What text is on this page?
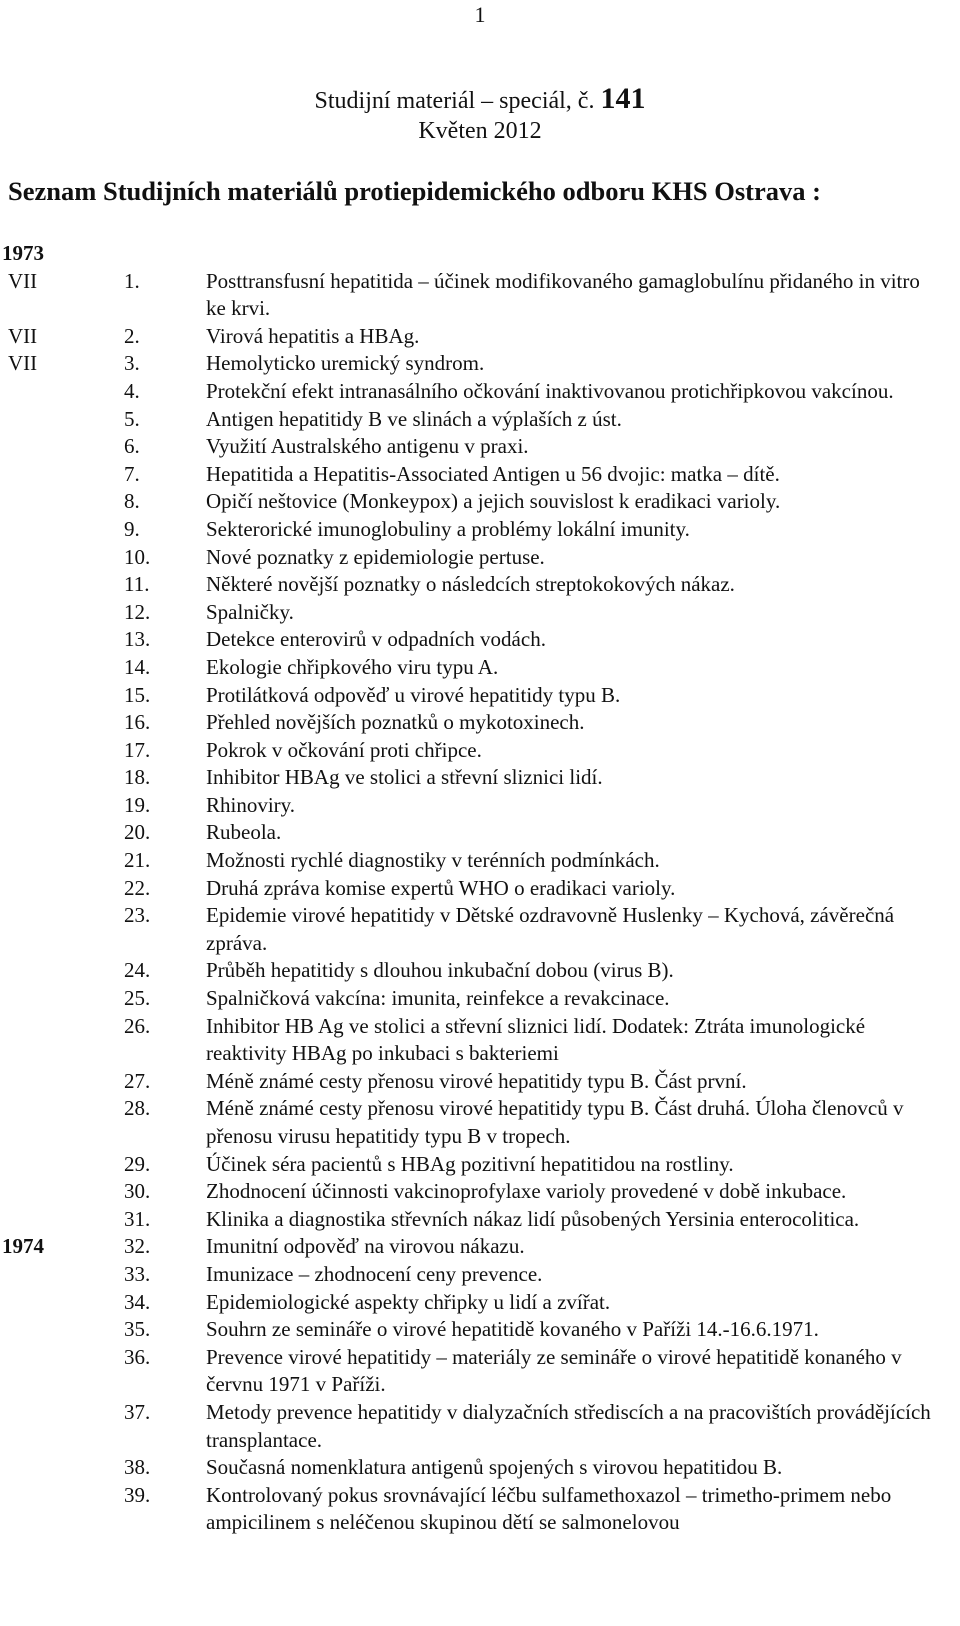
1
Studijní materiál – speciál, č. 141
Květen 2012
Seznam Studijních materiálů protiepidemického odboru KHS Ostrava :
1973

VII	1.	Posttransfusní hepatitida – účinek modifikovaného gamaglobulínu přidaného in vitro ke krvi.
VII	2.	Virová hepatitis a HBAg.
VII	3.	Hemolyticko uremický syndrom.
4.	Protekční efekt intranasálního očkování inaktivovanou protichřipkovou vakcínou.
5.	Antigen hepatitidy B ve slinách a výplaších z úst.
6.	Využití Australského antigenu v praxi.
7.	Hepatitida a Hepatitis-Associated Antigen u 56 dvojic: matka – dítě.
8.	Opičí neštovice (Monkeypox) a jejich souvislost k eradikaci varioly.
9.	Sekterorické imunoglobuliny a problémy lokální imunity.
10.	Nové poznatky z epidemiologie pertuse.
11.	Některé novější poznatky o následcích streptokokových nákaz.
12.	Spalničky.
13.	Detekce enterovirů v odpadních vodách.
14.	Ekologie chřipkového viru typu A.
15.	Protilátková odpověď u virové hepatitidy typu B.
16.	Přehled novějších poznatků o mykotoxinech.
17.	Pokrok v očkování proti chřipce.
18.	Inhibitor HBAg ve stolici a střevní sliznici lidí.
19.	Rhinoviry.
20.	Rubeola.
21.	Možnosti rychlé diagnostiky v terénních podmínkách.
22.	Druhá zpráva komise expertů WHO o eradikaci varioly.
23.	Epidemie virové hepatitidy v Dětské ozdravovně Huslenky – Kychová, závěrečná zpráva.
24.	Průběh hepatitidy s dlouhou inkubační dobou (virus B).
25.	Spalničková vakcína: imunita, reinfekce a revakcinace.
26.	Inhibitor HB Ag ve stolici a střevní sliznici lidí. Dodatek: Ztráta imunologické reaktivity HBAg po inkubaci s bakteriemi
27.	Méně známé cesty přenosu virové hepatitidy typu B. Část první.
28.	Méně známé cesty přenosu virové hepatitidy typu B. Část druhá. Úloha členovců v přenosu virusu hepatitidy typu B v tropech.
29.	Účinek séra pacientů s HBAg pozitivní hepatitidou na rostliny.
30.	Zhodnocení účinnosti vakcinoprofylaxe varioly provedené v době inkubace.
31.	Klinika a diagnostika střevních nákaz lidí působených Yersinia enterocolitica.
1974	32.	Imunitní odpověď na virovou nákazu.
33.	Imunizace – zhodnocení ceny prevence.
34.	Epidemiologické aspekty chřipky u lidí a zvířat.
35.	Souhrn ze semináře o virové hepatitidě kovaného v Paříži 14.-16.6.1971.
36.	Prevence virové hepatitidy – materiály ze semináře o virové hepatitidě konaného v červnu 1971 v Paříži.
37.	Metody prevence hepatitidy v dialyzačních střediscích a na pracovištích provádějících transplantace.
38.	Současná nomenklatura antigenů spojených s virovou hepatitidou B.
39.	Kontrolovaný pokus srovnávající léčbu sulfamethoxazol – trimetho-primem nebo ampicilinem s neléčenou skupinou dětí se salmonelovou
